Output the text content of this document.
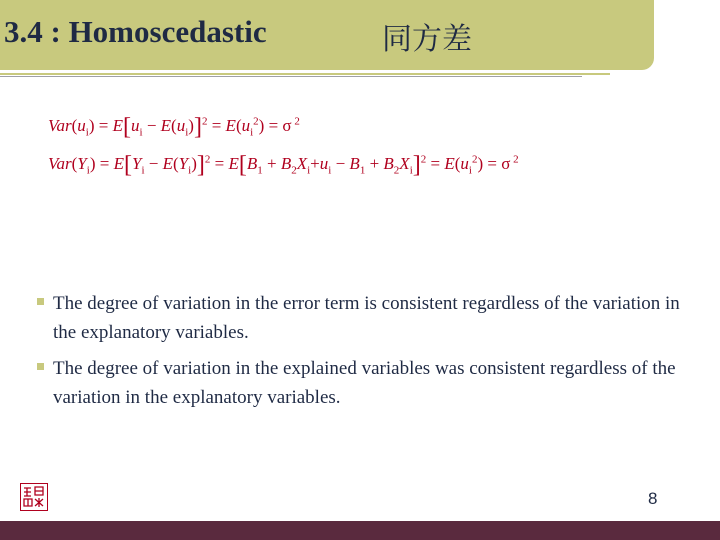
3.4 : Homoscedastic	同方差
$Var(u_i) = E[u_i - E(u_i)]^2 = E(u_i^2) = \sigma$ $^2$
$Var(Y_i) = E[Y_i - E(Y_i)]^2 = E[B_1 + B_2X_i+u_i - B_1 + B_2X_i]^2 = E(u_i^2) = \sigma$ $^2$
The degree of variation in the error term is consistent regardless of the variation in the explanatory variables.
The degree of variation in the explained variables was consistent regardless of the variation in the explanatory variables.
8
